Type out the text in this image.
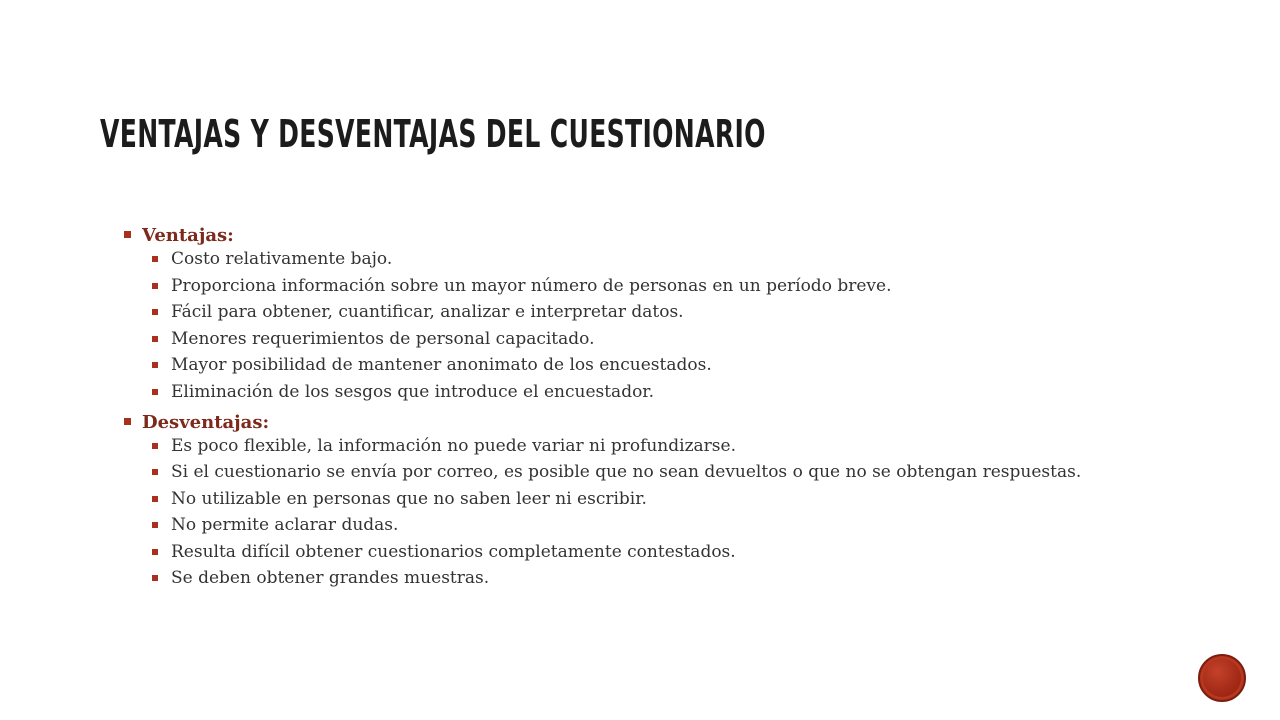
VENTAJAS Y DESVENTAJAS DEL CUESTIONARIO
Ventajas:
Costo relativamente bajo.
Proporciona información sobre un mayor número de personas en un período breve.
Fácil para obtener, cuantificar, analizar e interpretar datos.
Menores requerimientos de personal capacitado.
Mayor posibilidad de mantener anonimato de los encuestados.
Eliminación de los sesgos que introduce el encuestador.
Desventajas:
Es poco flexible, la información no puede variar ni profundizarse.
Si el cuestionario se envía por correo, es posible que no sean devueltos o que no se obtengan respuestas.
No utilizable en personas que no saben leer ni escribir.
No permite aclarar dudas.
Resulta difícil obtener cuestionarios completamente contestados.
Se deben obtener grandes muestras.
